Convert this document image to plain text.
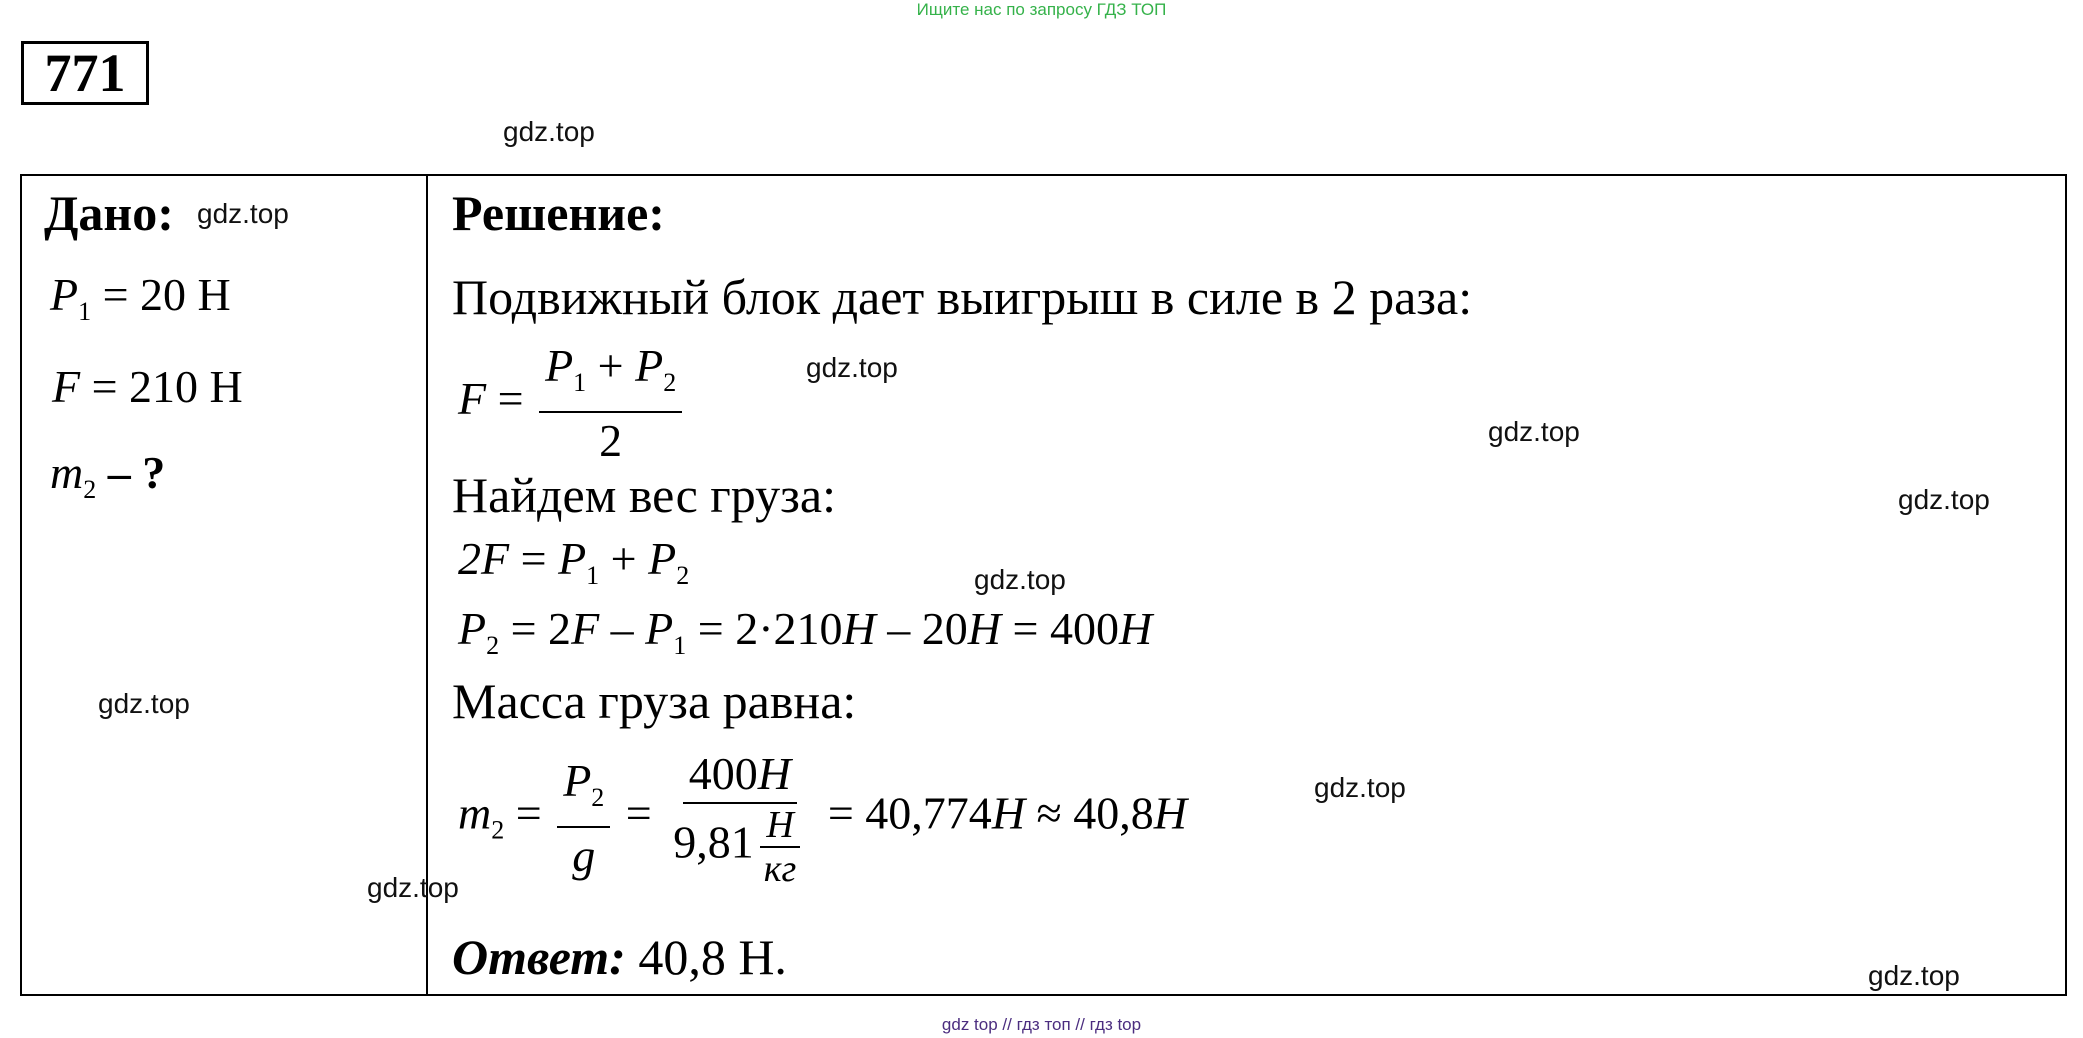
Ищите нас по запросу ГДЗ ТОП
771
gdz.top
Дано: gdz.top
$P_1 = 20$ Н
F = 210 Н
$m_2$ – ?
gdz.top
gdz.top
Решение:
Подвижный блок дает выигрыш в силе в 2 раза:
$F = \frac{P_1 + P_2}{2}$	gdz.top
gdz.top
gdz.top
Найдем вес груза:
$2F = P_1 + P_2$	gdz.top
$P_2 = 2F - P_1 = 2\cdot 210H - 20H = 400H$
Масса груза равна:
$m_2 = \frac{P_2}{g} = \frac{400H}{9,81 \frac{H}{кг}} = 40,774H \approx 40,8H$
gdz.top
Ответ: 40,8 Н.	gdz.top
gdz top // гдз топ // гдз top
